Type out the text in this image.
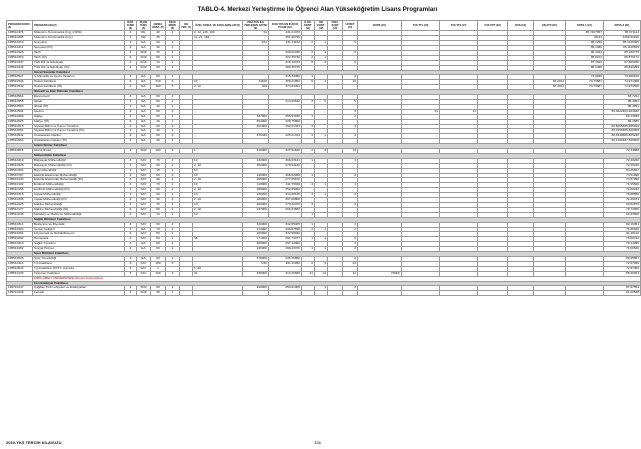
TABLO-4. Merkezi Yerleştirme ile Öğrenci Alan Yükseköğretim Lisans Programları
PROGRAM KODU (1)	PROGRAM ADI (2)	ÖĞR. SÜRE (3)	PUAN TÜRÜ (4)	GENEL KONT. (5)	OKUL BİRİN. (6)	OB YER. (7)	ÖZEL KOŞUL VE AÇIKLAMALAR (8)	2018-YKS İLE YERLEŞEN SAYISI (9)	2018-YKS EN KÜÇÜK PUANI (10)	K.ÖĞ. KONT. (11)	OB KONT. (12)	ÖZEL ŞART (13)	ÜCRET (14)	BURS (15)	TUS TT1 (16)	TUS TT2 (17)	TUS KTP (18)	DUS (19)	EN AYP (20)	KPSS-1 (21)	KPSS-2 (22)
105510376	Mütercim-Tercümanlık (İng.) (%50)	4	DİL	40	1		2, 12, 126, 169	64	231,21376											85,7467857	85,671114
105510385	Mütercim-Tercümanlık (İng.)	4	DİL	45			11, 21, 169		351,90795											88,64	4289,92010
105510319	Sosyoloji	4	EA	60	2			161	231,71102	2	1		9							85,1259	85,1125025
105510311	Sosyoloji (İÖ)	4	EA	40	1															85,1086	85,1119525
105510326	Tarih	4	SÖZ	70	2				290,02335	2	1		9							85,4924	85,189775
105510362	Tarih (İÖ)	4	SÖZ	60	2				202,35730	2	1									85,9104	85,876174
105510437	Türk Dili ve Edebiyatı	4	SÖZ	70	2				318,10479	5	3		5							87,1626	87,806930
105510446	Türk Dili ve Edebiyatı (İÖ)	4	SÖZ	60	2				280,35745											86,1498	86,840250
	Güzel Sanatlar Fakültesi																				
105510527	İç Mimarlık ve Çevre Tasarımı	4	EA	60	2				315,34480	1			3							73,9835	73,909100
105510533	Hukuk Fakültesi	4	EA	210	6		10	31109	380,21852	6	1		10						83,2014	73,73687	74,971308
105510542	Hukuk Fakültesi (İÖ)	4	EA	180	5		2, 10	209	374,33494										83,2014	73,73687	74,971500
	İktisadi ve İdari Bilimler Fakültesi																				
105510564	Ekonometri	4	EA	60	2																83,7221
105510555	İktisat	4	EA	80	2				214,53542	3	2		5								85,4051
105510583	İktisat (İÖ)	4	EA	40	1																85,4891
105510594	İşletme	4	EA	60	2								5		21	11					86,3022923,924630
105510606	Maliye	4	EA	60	2			367000	256,54030	1			2								86,13830
105510625	Maliye (İÖ)	4	EA	40	1			654000	228,76800												86,1585
105510615	Siyaset Bilimi ve Kamu Yönetimi	4	EA	60	2			461000	252,21433	3			4								86,5055485,655810
105510651	Siyaset Bilimi ve Kamu Yönetimi (İÖ)	4	EA	40	1																89,0150485,600000
105510642	Uluslararası İlişkiler	4	EA	60	2			679330	225,01314	3	1		4								88,4530686,805230
105510651	Uluslararası İlişkiler (İÖ)	4	EA	40	2																86,4160487,556600
	İslami İlimler Fakültesi																				
105510816	İslami İlimler	4	SÖZ	100	3		1	110000	327,51640	2	3		13								72,44880
	Mühendislik Fakültesi																				
105510219	Bilgisayar Mühendisliği	4	SAY	70	2		10	143300	309,03131	1			4								72,40240
105510228	Bilgisayar Mühendisliği (İÖ)	4	SAY	60	2		2, 10	202000	279,94140												72,40240
105510401	Biyomühendislik	4	SAY	15	1		10														84,26607
105510797	Elektrik-Elektronik Mühendisliği	4	SAY	60	2		10	136300	306,62058	1			3								74,51990
105510133	Elektrik-Elektronik Mühendisliği (İÖ)	4	SAY	60	2		2, 10	265000	277,05670												74,57090
105510102	Endüstri Mühendisliği	4	SAY	70	2		10	118000	311,75940	4	1		4								71,95546
105510165	Endüstri Mühendisliği (İÖ)	4	SAY	60	2		2, 10	286000	252,95000												71,60240
105510316	İnşaat Mühendisliği	4	SAY	60	2		10	130200	313,28125	4	1		4								70,88550
105510336	İnşaat Mühendisliği (İÖ)	4	SAY	40	2		2, 10	180000	297,00860												72,20074
105510225	Makine Mühendisliği	4	SAY	70	2		10	200000	279,32475	4			4								69,82870
105510177	Makine Mühendisliği (İÖ)	4	SAY	60	2		2, 10	237000	266,24560												70,73050
105510245	Metalurji ve Malzeme Mühendisliği	4	SAY	70	2		10			1											69,33950
	Sağlık Bilimleri Fakültesi																				
105510314	Beslenme ve Diyetetik	4	SAY	60	2			110000	332,65465	1			2								82,19351
105510323	Çocuk Gelişimi	4	EA	70	2			214000	230,97690	2	1		2								71,06040
105510304	Fizyoterapi ve Rehabilitasyon	4	SAY	60	2			100000	332,98040												81,20110
105510292	Hemşirelik	4	SAY	80	2		38	171000	291,74477	1	1		5								76,69742
105510319	Sağlık Yönetimi	4	EA	60	2			460000	257,13960				3								79,14055
105510282	Sosyal Hizmet	4	EA	60	2			230000	298,43370	1	1		2								71,00530
	Spor Bilimleri Fakültesi																				
105510525	Spor Yöneticiliği	4	EA	60	2			578000	235,76880				3								80,45807
105510414	Tıp Fakültesi	6	SAY	180	5			6,60	461,11050	2	3		24								72,97356
105510543	Tıp Fakültesi (KKTC Uyruklu)	6	SAY	1			5, 60														72,97360
105510133	Veteriner Fakültesi	5	SAY	100	3		34	180000	314,26665	21	14		12	VİDEK							85,30034
	KIRKLARELİ ÜNİVERSİTESİ (Devlet Üniversitesi)																				
	Fen-Edebiyat Fakültesi																				
105710247	Çağdaş Türk Lehçeleri ve Edebiyatları	4	SÖZ	60	2			940000	254,01465		1		3								87,67554
105710249	Felsefe	4	SÖZ	30	1																81,00528
2019-YKS TERCİH KILAVUZU	336
